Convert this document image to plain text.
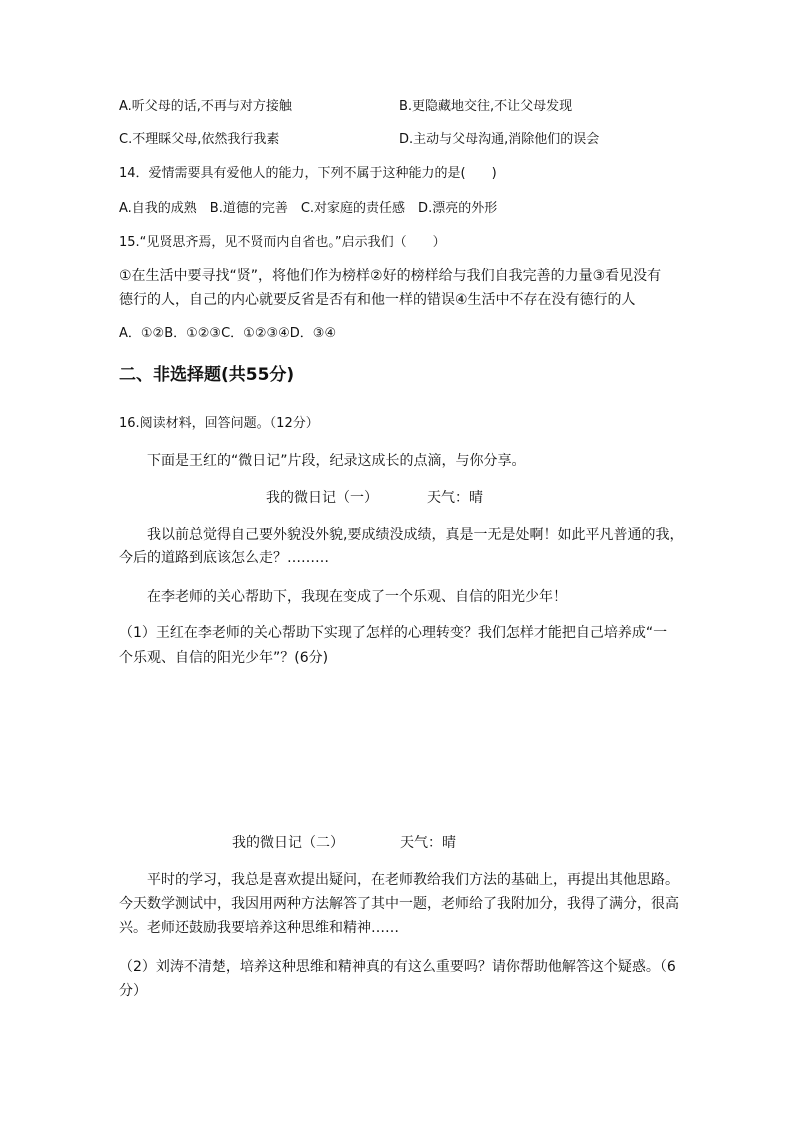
A.听父母的话,不再与对方接触	B.更隐藏地交往,不让父母发现
C.不理睬父母,依然我行我素	D.主动与父母沟通,消除他们的误会
14．爱情需要具有爱他人的能力，下列不属于这种能力的是(　　)
A.自我的成熟　B.道德的完善　C.对家庭的责任感　D.漂亮的外形
15.“见贤思齐焉，见不贤而内自省也。”启示我们（　　）
①在生活中要寻找“贤”，将他们作为榜样②好的榜样给与我们自我完善的力量③看见没有
德行的人，自己的内心就要反省是否有和他一样的错误④生活中不存在没有德行的人
A．①②B．①②③C．①②③④D．③④
二、非选择题(共55分)
16.阅读材料，回答问题。（12分）
下面是王红的“微日记”片段，纪录这成长的点滴，与你分享。
我的微日记（一）	天气：晴
我以前总觉得自己要外貌没外貌,要成绩没成绩，真是一无是处啊！如此平凡普通的我，
今后的道路到底该怎么走？………
在李老师的关心帮助下，我现在变成了一个乐观、自信的阳光少年！
（1）王红在李老师的关心帮助下实现了怎样的心理转变？我们怎样才能把自己培养成“一
个乐观、自信的阳光少年”？(6分)
我的微日记（二）	天气：晴
平时的学习，我总是喜欢提出疑问，在老师教给我们方法的基础上，再提出其他思路。
今天数学测试中，我因用两种方法解答了其中一题，老师给了我附加分，我得了满分，很高
兴。老师还鼓励我要培养这种思维和精神……
（2）刘涛不清楚，培养这种思维和精神真的有这么重要吗？请你帮助他解答这个疑惑。（6
分）
